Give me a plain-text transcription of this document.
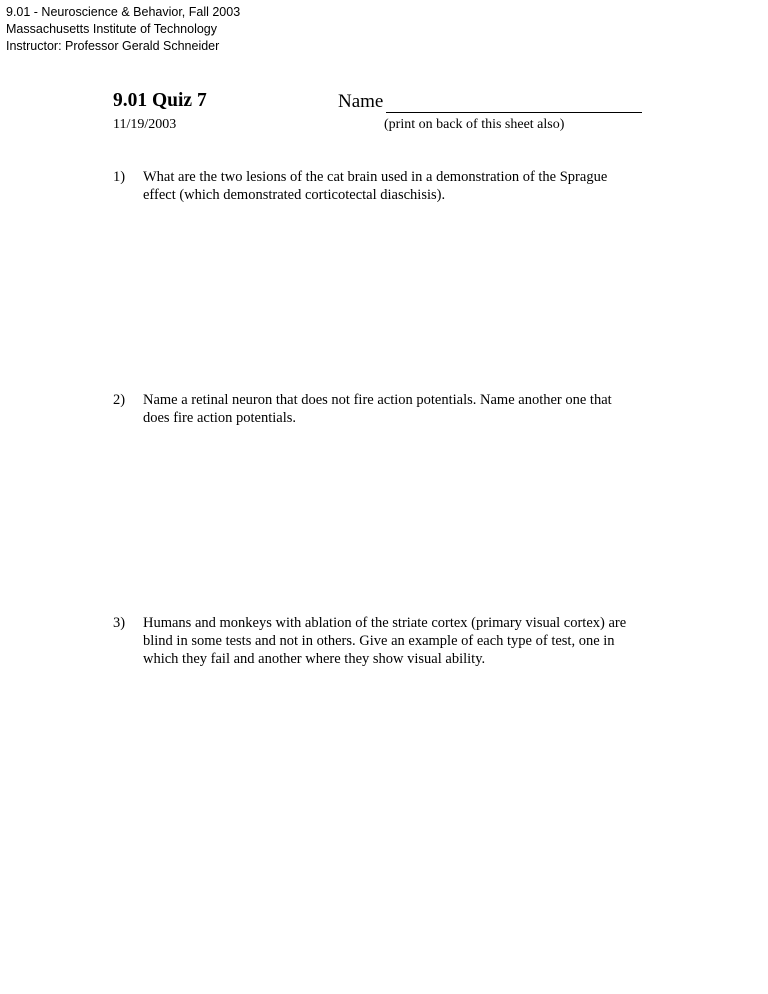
9.01 - Neuroscience & Behavior, Fall 2003
Massachusetts Institute of Technology
Instructor: Professor Gerald Schneider
9.01 Quiz 7
11/19/2003
Name
(print on back of this sheet also)
1) What are the two lesions of the cat brain used in a demonstration of the Sprague effect (which demonstrated corticotectal diaschisis).
2) Name a retinal neuron that does not fire action potentials. Name another one that does fire action potentials.
3) Humans and monkeys with ablation of the striate cortex (primary visual cortex) are blind in some tests and not in others. Give an example of each type of test, one in which they fail and another where they show visual ability.
